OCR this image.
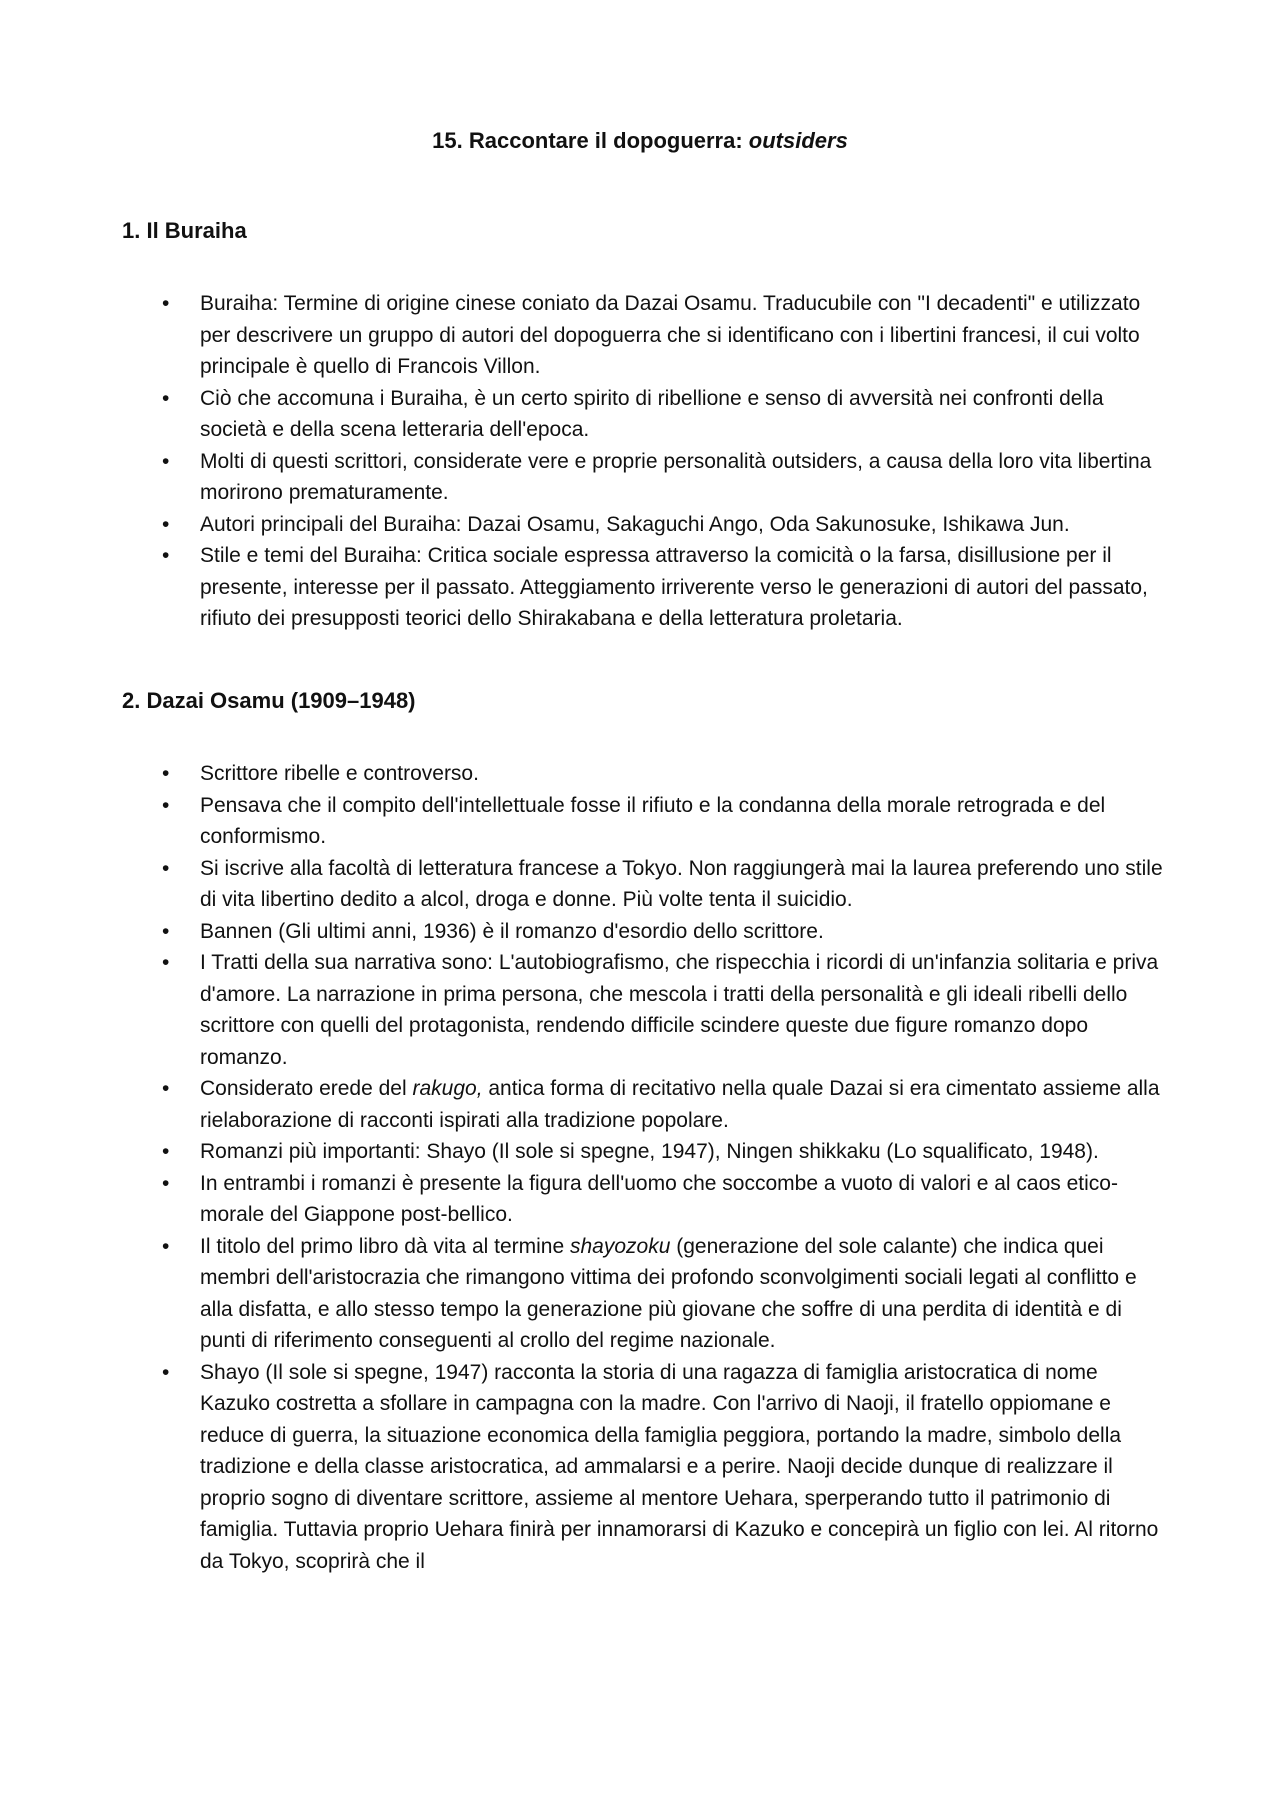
15. Raccontare il dopoguerra: outsiders
1. Il Buraiha
• Buraiha: Termine di origine cinese coniato da Dazai Osamu. Traducubile con "I decadenti" e utilizzato per descrivere un gruppo di autori del dopoguerra che si identificano con i libertini francesi, il cui volto principale è quello di Francois Villon.
• Ciò che accomuna i Buraiha, è un certo spirito di ribellione e senso di avversità nei confronti della società e della scena letteraria dell'epoca.
• Molti di questi scrittori, considerate vere e proprie personalità outsiders, a causa della loro vita libertina morirono prematuramente.
• Autori principali del Buraiha: Dazai Osamu, Sakaguchi Ango, Oda Sakunosuke, Ishikawa Jun.
• Stile e temi del Buraiha: Critica sociale espressa attraverso la comicità o la farsa, disillusione per il presente, interesse per il passato. Atteggiamento irriverente verso le generazioni di autori del passato, rifiuto dei presupposti teorici dello Shirakabana e della letteratura proletaria.
2. Dazai Osamu (1909–1948)
• Scrittore ribelle e controverso.
• Pensava che il compito dell'intellettuale fosse il rifiuto e la condanna della morale retrograda e del conformismo.
• Si iscrive alla facoltà di letteratura francese a Tokyo. Non raggiungerà mai la laurea preferendo uno stile di vita libertino dedito a alcol, droga e donne. Più volte tenta il suicidio.
• Bannen (Gli ultimi anni, 1936) è il romanzo d'esordio dello scrittore.
• I Tratti della sua narrativa sono: L'autobiografismo, che rispecchia i ricordi di un'infanzia solitaria e priva d'amore. La narrazione in prima persona, che mescola i tratti della personalità e gli ideali ribelli dello scrittore con quelli del protagonista, rendendo difficile scindere queste due figure romanzo dopo romanzo.
• Considerato erede del rakugo, antica forma di recitativo nella quale Dazai si era cimentato assieme alla rielaborazione di racconti ispirati alla tradizione popolare.
• Romanzi più importanti: Shayo (Il sole si spegne, 1947), Ningen shikkaku (Lo squalificato, 1948).
• In entrambi i romanzi è presente la figura dell'uomo che soccombe a vuoto di valori e al caos etico-morale del Giappone post-bellico.
• Il titolo del primo libro dà vita al termine shayozoku (generazione del sole calante) che indica quei membri dell'aristocrazia che rimangono vittima dei profondo sconvolgimenti sociali legati al conflitto e alla disfatta, e allo stesso tempo la generazione più giovane che soffre di una perdita di identità e di punti di riferimento conseguenti al crollo del regime nazionale.
• Shayo (Il sole si spegne, 1947) racconta la storia di una ragazza di famiglia aristocratica di nome Kazuko costretta a sfollare in campagna con la madre. Con l'arrivo di Naoji, il fratello oppiomane e reduce di guerra, la situazione economica della famiglia peggiora, portando la madre, simbolo della tradizione e della classe aristocratica, ad ammalarsi e a perire. Naoji decide dunque di realizzare il proprio sogno di diventare scrittore, assieme al mentore Uehara, sperperando tutto il patrimonio di famiglia. Tuttavia proprio Uehara finirà per innamorarsi di Kazuko e concepirà un figlio con lei. Al ritorno da Tokyo, scoprirà che il
